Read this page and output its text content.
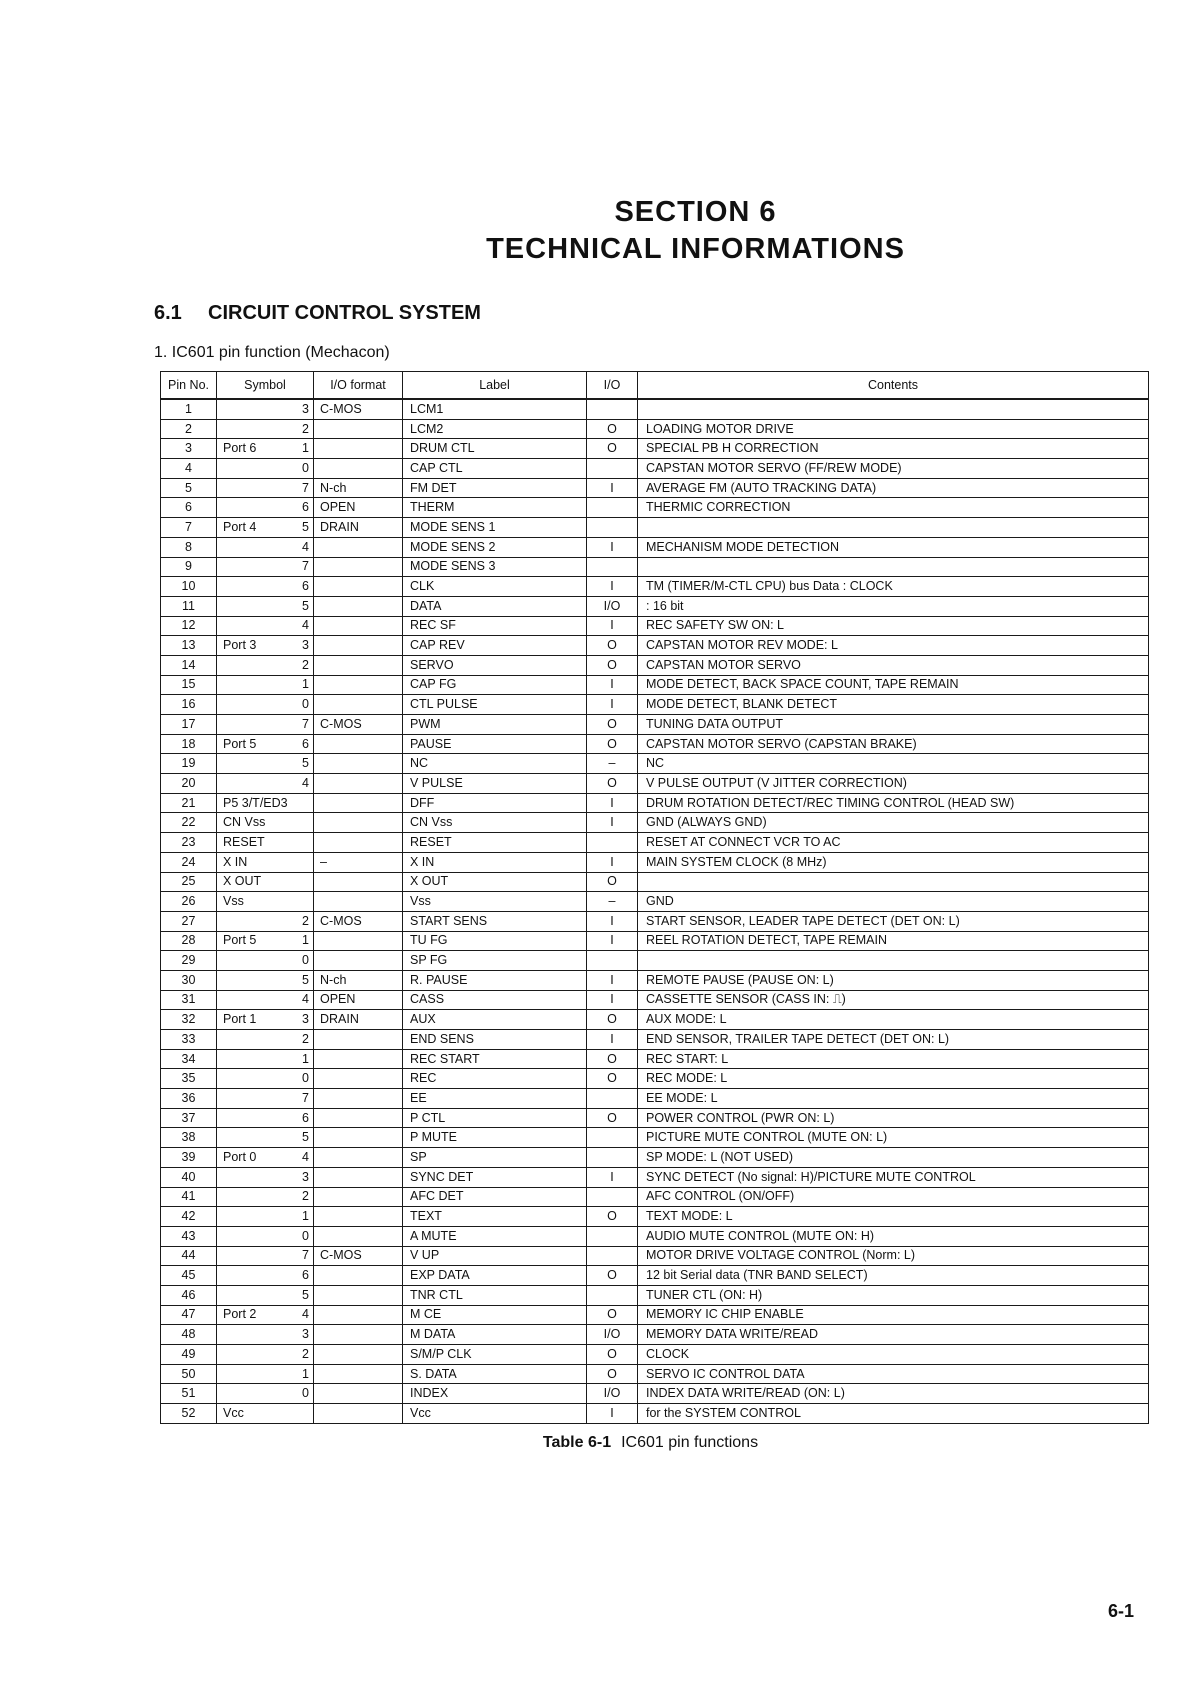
SECTION 6
TECHNICAL INFORMATIONS

6.1 CIRCUIT CONTROL SYSTEM

1. IC601 pin function (Mechacon)

Pin No.	Symbol	I/O format	Label	I/O	Contents
1	3	C-MOS	LCM1		
2	2		LCM2	O	LOADING MOTOR DRIVE
3	Port 6 1		DRUM CTL	O	SPECIAL PB H CORRECTION
4	0		CAP CTL		CAPSTAN MOTOR SERVO (FF/REW MODE)
5	7	N-ch	FM DET	I	AVERAGE FM (AUTO TRACKING DATA)
6	6	OPEN	THERM		THERMIC CORRECTION
7	Port 4 5	DRAIN	MODE SENS 1		
8	4		MODE SENS 2	I	MECHANISM MODE DETECTION
9	7		MODE SENS 3		
10	6		CLK	I	TM (TIMER/M-CTL CPU) bus Data : CLOCK
11	5		DATA	I/O	: 16 bit
12	4		REC SF	I	REC SAFETY SW ON: L
13	Port 3 3		CAP REV	O	CAPSTAN MOTOR REV MODE: L
14	2		SERVO	O	CAPSTAN MOTOR SERVO
15	1		CAP FG	I	MODE DETECT, BACK SPACE COUNT, TAPE REMAIN
16	0		CTL PULSE	I	MODE DETECT, BLANK DETECT
17	7	C-MOS	PWM	O	TUNING DATA OUTPUT
18	Port 5 6		PAUSE	O	CAPSTAN MOTOR SERVO (CAPSTAN BRAKE)
19	5		NC	–	NC
20	4		V PULSE	O	V PULSE OUTPUT (V JITTER CORRECTION)
21	P5 3/T/ED3		DFF	I	DRUM ROTATION DETECT/REC TIMING CONTROL (HEAD SW)
22	CN Vss		CN Vss	I	GND (ALWAYS GND)
23	RESET		RESET		RESET AT CONNECT VCR TO AC
24	X IN	–	X IN	I	MAIN SYSTEM CLOCK (8 MHz)
25	X OUT		X OUT	O	
26	Vss		Vss	–	GND
27	2	C-MOS	START SENS	I	START SENSOR, LEADER TAPE DETECT (DET ON: L)
28	Port 5 1		TU FG	I	REEL ROTATION DETECT, TAPE REMAIN
29	0		SP FG		
30	5	N-ch	R. PAUSE	I	REMOTE PAUSE (PAUSE ON: L)
31	4	OPEN	CASS	I	CASSETTE SENSOR (CASS IN: ⎍)
32	Port 1 3	DRAIN	AUX	O	AUX MODE: L
33	2		END SENS	I	END SENSOR, TRAILER TAPE DETECT (DET ON: L)
34	1		REC START	O	REC START: L
35	0		REC	O	REC MODE: L
36	7		EE		EE MODE: L
37	6		P CTL	O	POWER CONTROL (PWR ON: L)
38	5		P MUTE		PICTURE MUTE CONTROL (MUTE ON: L)
39	Port 0 4		SP		SP MODE: L (NOT USED)
40	3		SYNC DET	I	SYNC DETECT (No signal: H)/PICTURE MUTE CONTROL
41	2		AFC DET		AFC CONTROL (ON/OFF)
42	1		TEXT	O	TEXT MODE: L
43	0		A MUTE		AUDIO MUTE CONTROL (MUTE ON: H)
44	7	C-MOS	V UP		MOTOR DRIVE VOLTAGE CONTROL (Norm: L)
45	6		EXP DATA	O	12 bit Serial data (TNR BAND SELECT)
46	5		TNR CTL		TUNER CTL (ON: H)
47	Port 2 4		M CE	O	MEMORY IC CHIP ENABLE
48	3		M DATA	I/O	MEMORY DATA WRITE/READ
49	2		S/M/P CLK	O	CLOCK
50	1		S. DATA	O	SERVO IC CONTROL DATA
51	0		INDEX	I/O	INDEX DATA WRITE/READ (ON: L)
52	Vcc		Vcc	I	for the SYSTEM CONTROL

Table 6-1 IC601 pin functions

6-1
